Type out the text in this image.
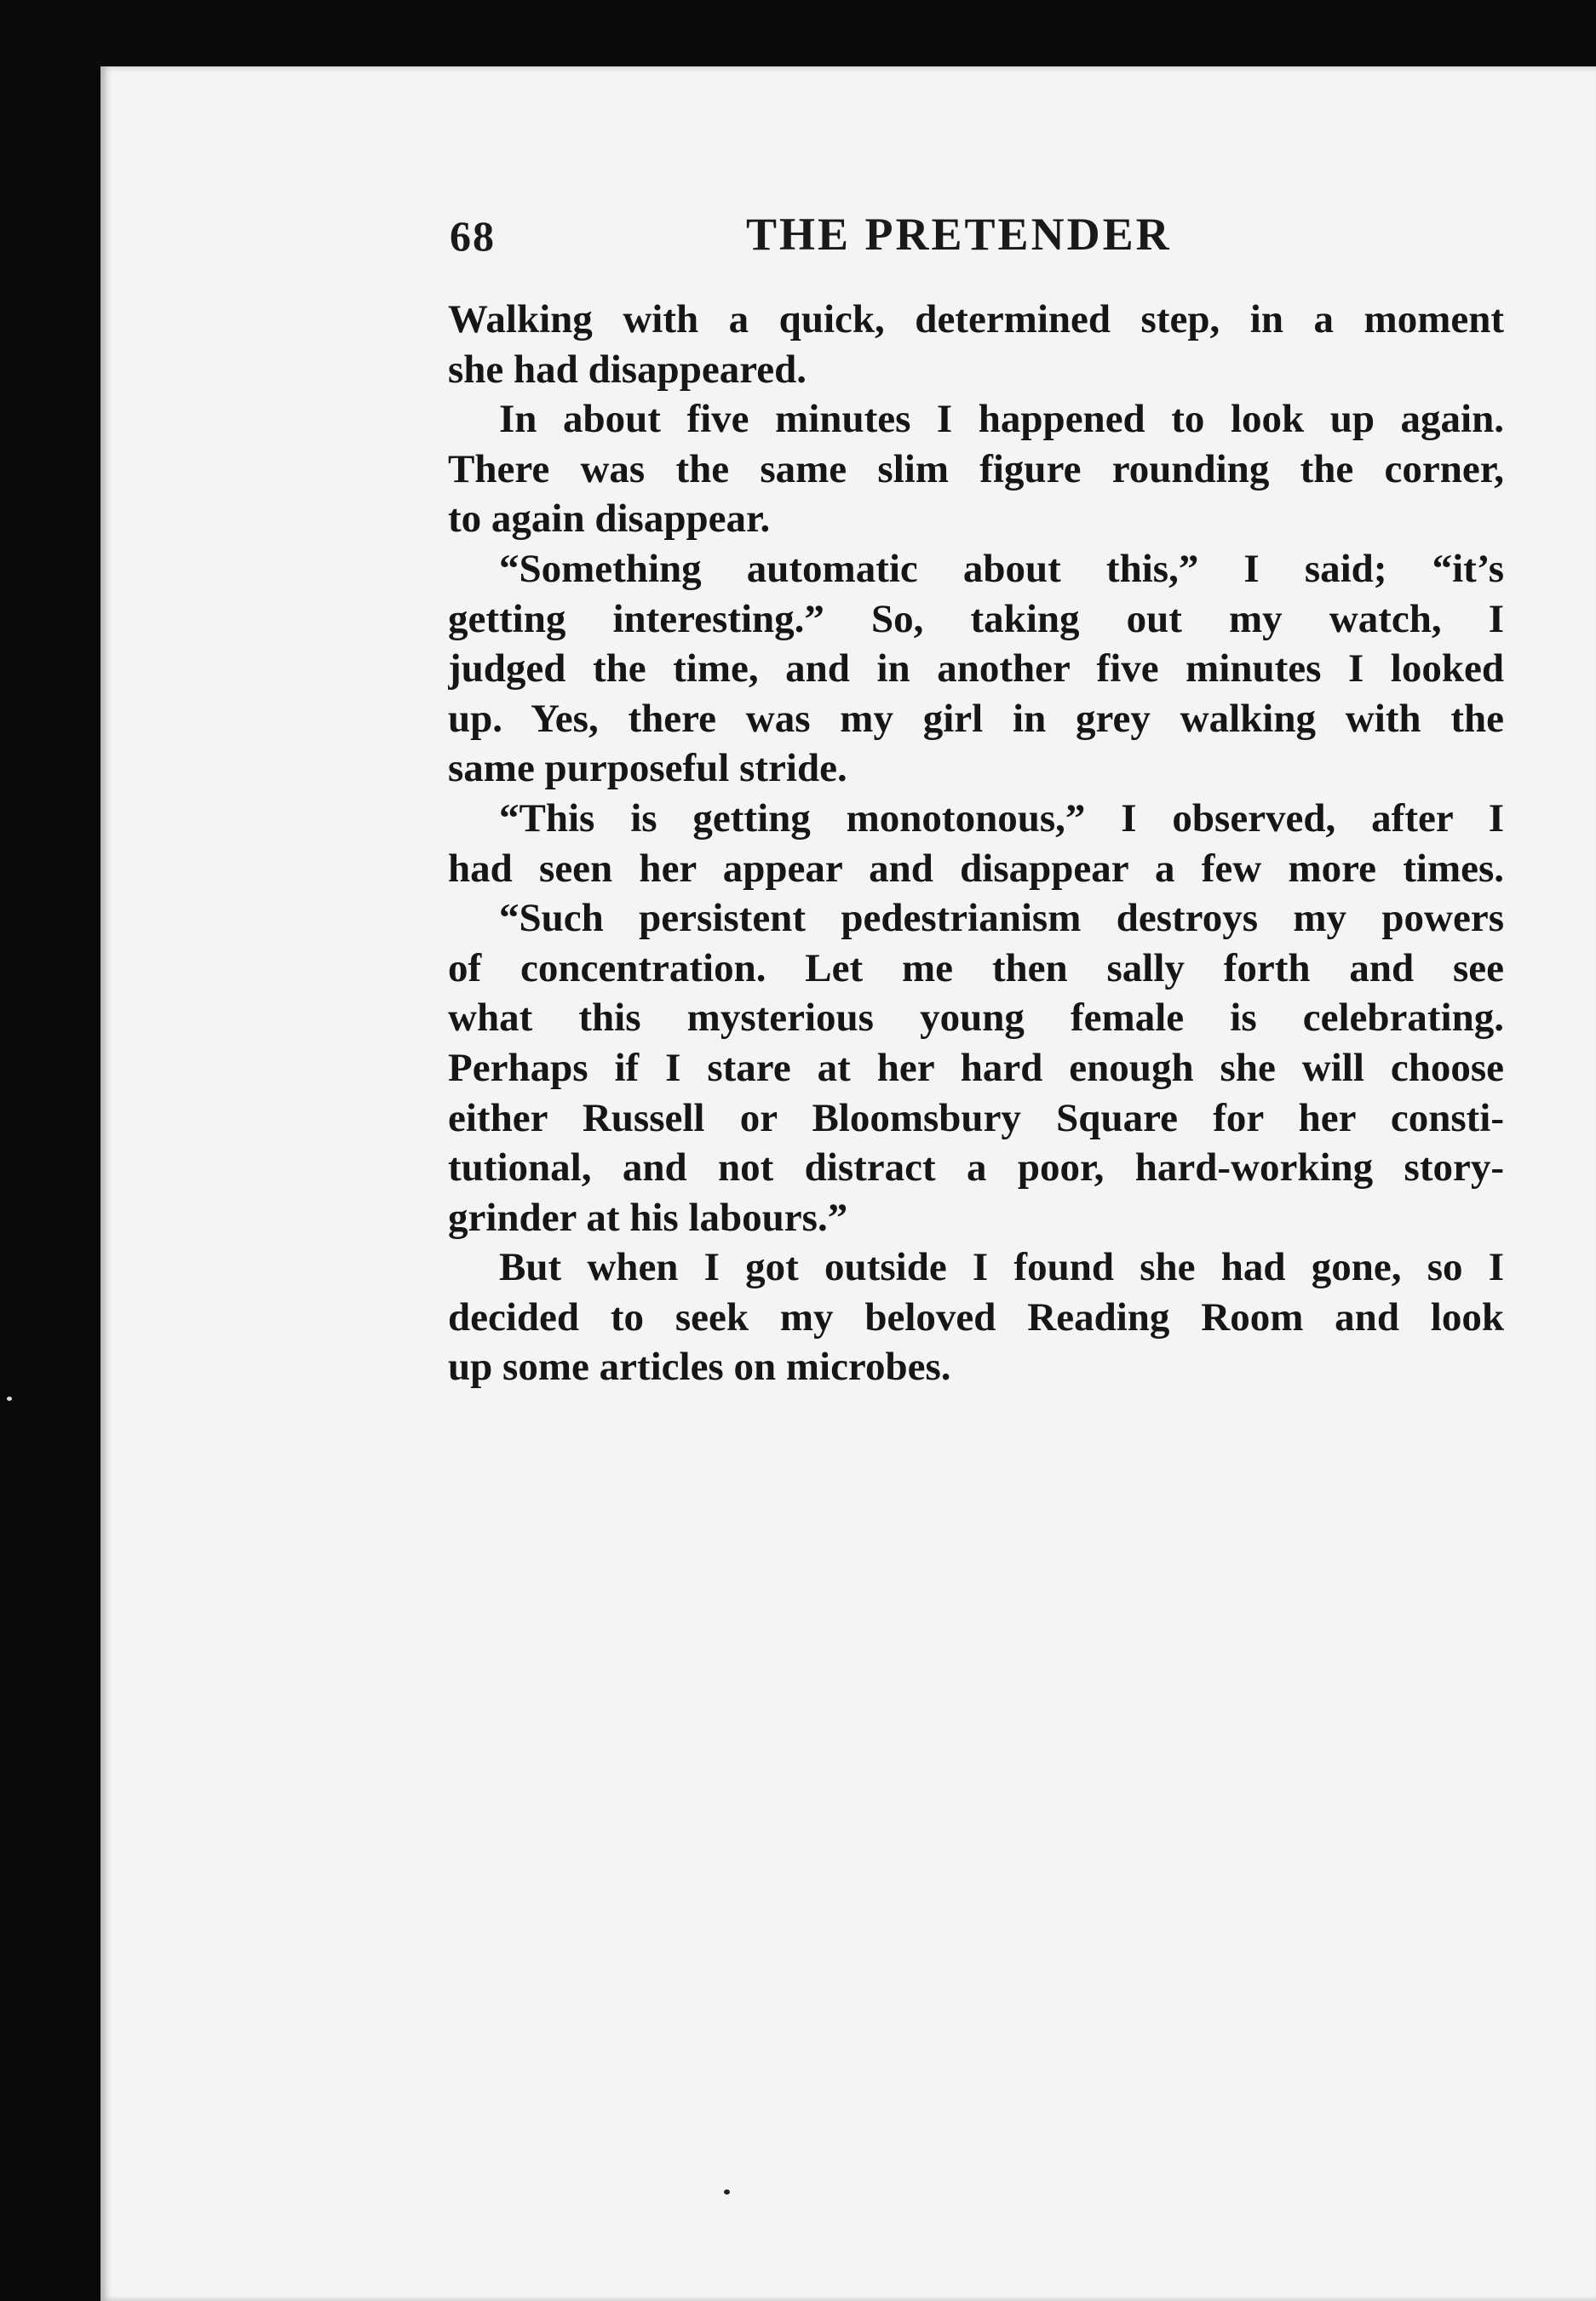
68	THE PRETENDER
Walking with a quick, determined step, in a moment
she had disappeared.
In about five minutes I happened to look up again.
There was the same slim figure rounding the corner,
to again disappear.
“Something automatic about this,” I said; “it’s
getting interesting.” So, taking out my watch, I
judged the time, and in another five minutes I looked
up. Yes, there was my girl in grey walking with the
same purposeful stride.
“This is getting monotonous,” I observed, after I
had seen her appear and disappear a few more times.
“Such persistent pedestrianism destroys my powers
of concentration. Let me then sally forth and see
what this mysterious young female is celebrating.
Perhaps if I stare at her hard enough she will choose
either Russell or Bloomsbury Square for her consti-
tutional, and not distract a poor, hard-working story-
grinder at his labours.”
But when I got outside I found she had gone, so I
decided to seek my beloved Reading Room and look
up some articles on microbes.
